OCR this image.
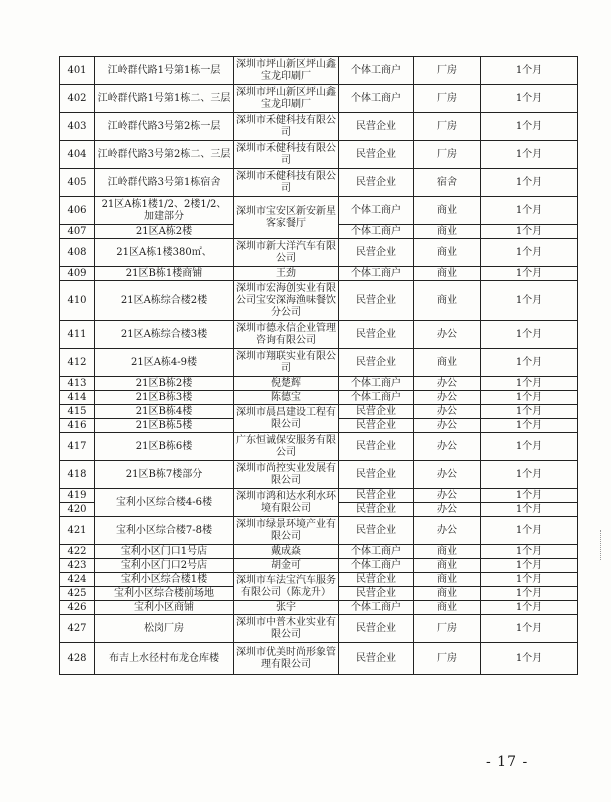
401	江岭群代路1号第1栋一层	深圳市坪山新区坪山鑫宝龙印刷厂	个体工商户	厂房	1个月
402	江岭群代路1号第1栋二、三层	深圳市坪山新区坪山鑫宝龙印刷厂	个体工商户	厂房	1个月
403	江岭群代路3号第2栋一层	深圳市禾健科技有限公司	民营企业	厂房	1个月
404	江岭群代路3号第2栋二、三层	深圳市禾健科技有限公司	民营企业	厂房	1个月
405	江岭群代路3号第1栋宿舍	深圳市禾健科技有限公司	民营企业	宿舍	1个月
406	21区A栋1楼1/2、2楼1/2、加建部分	深圳市宝安区新安新星客家餐厅	个体工商户	商业	1个月
407	21区A栋2楼		个体工商户	商业	1个月
408	21区A栋1楼380㎡、	深圳市新大洋汽车有限公司	民营企业	商业	1个月
409	21区B栋1楼商铺	王劲	个体工商户	商业	1个月
410	21区A栋综合楼2楼	深圳市宏海创实业有限公司宝安深海渔味餐饮分公司	民营企业	商业	1个月
411	21区A栋综合楼3楼	深圳市德永信企业管理咨询有限公司	民营企业	办公	1个月
412	21区A栋4-9楼	深圳市翔联实业有限公司	民营企业	商业	1个月
413	21区B栋2楼	倪楚辉	个体工商户	办公	1个月
414	21区B栋3楼	陈德宝	个体工商户	办公	1个月
415	21区B栋4楼	深圳市晨昌建设工程有限公司	民营企业	办公	1个月
416	21区B栋5楼		民营企业	办公	1个月
417	21区B栋6楼	广东恒诚保安服务有限公司	民营企业	办公	1个月
418	21区B栋7楼部分	深圳市尚控实业发展有限公司	民营企业	办公	1个月
419	宝利小区综合楼4-6楼	深圳市鸿和达水利水环境有限公司	民营企业	办公	1个月
420			民营企业	办公	1个月
421	宝利小区综合楼7-8楼	深圳市绿景环境产业有限公司	民营企业	办公	1个月
422	宝利小区门口1号店	戴成焱	个体工商户	商业	1个月
423	宝利小区门口2号店	胡金可	个体工商户	商业	1个月
424	宝利小区综合楼1楼	深圳市车法宝汽车服务有限公司（陈龙升）	民营企业	商业	1个月
425	宝利小区综合楼前场地		民营企业	商业	1个月
426	宝利小区商铺	张宇	个体工商户	商业	1个月
427	松岗厂房	深圳市中普木业实业有限公司	民营企业	厂房	1个月
428	布吉上水径村布龙仓库楼	深圳市优美时尚形象管理有限公司	民营企业	厂房	1个月
- 17 -
